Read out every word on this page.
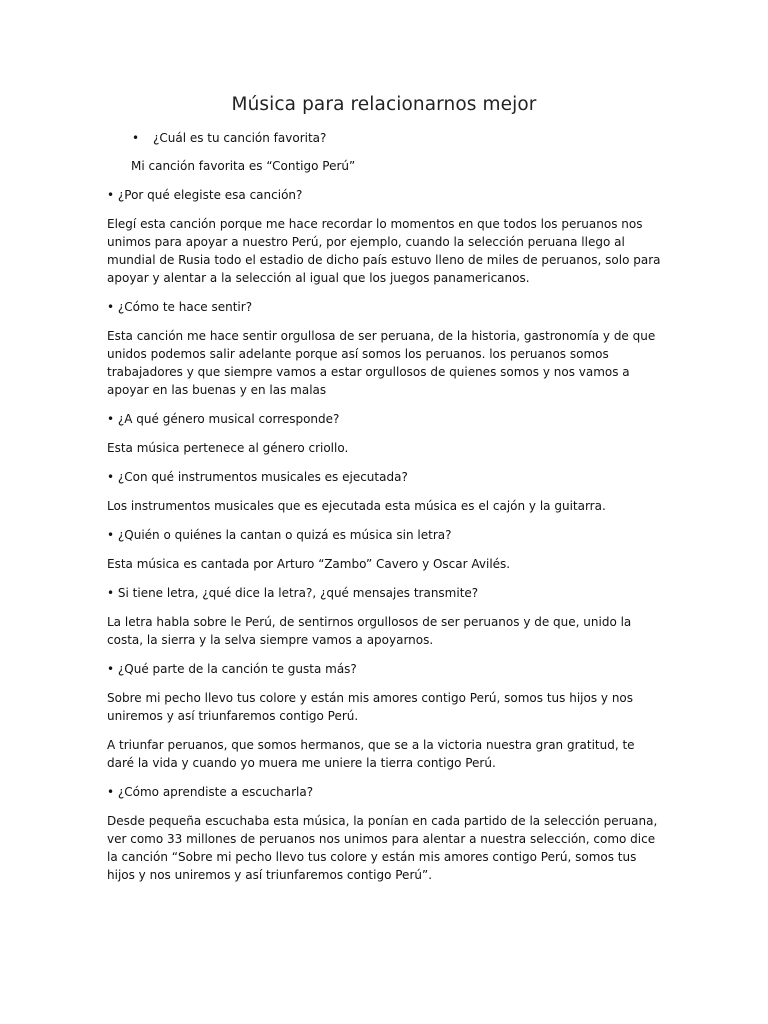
Música para relacionarnos mejor
•	¿Cuál es tu canción favorita?

Mi canción favorita es “Contigo Perú”

• ¿Por qué elegiste esa canción?

Elegí esta canción porque me hace recordar lo momentos en que todos los peruanos nos unimos para apoyar a nuestro Perú, por ejemplo, cuando la selección peruana llego al mundial de Rusia todo el estadio de dicho país estuvo lleno de miles de peruanos, solo para apoyar y alentar a la selección al igual que los juegos panamericanos.

• ¿Cómo te hace sentir?

Esta canción me hace sentir orgullosa de ser peruana, de la historia, gastronomía y de que unidos podemos salir adelante porque así somos los peruanos. los peruanos somos trabajadores y que siempre vamos a estar orgullosos de quienes somos y nos vamos a apoyar en las buenas y en las malas

• ¿A qué género musical corresponde?

Esta música pertenece al género criollo.

• ¿Con qué instrumentos musicales es ejecutada?

Los instrumentos musicales que es ejecutada esta música es el cajón y la guitarra.

• ¿Quién o quiénes la cantan o quizá es música sin letra?

Esta música es cantada por Arturo “Zambo” Cavero y Oscar Avilés.

• Si tiene letra, ¿qué dice la letra?, ¿qué mensajes transmite?

La letra habla sobre le Perú, de sentirnos orgullosos de ser peruanos y de que, unido la costa, la sierra y la selva siempre vamos a apoyarnos.

• ¿Qué parte de la canción te gusta más?

Sobre mi pecho llevo tus colore y están mis amores contigo Perú, somos tus hijos y nos uniremos y así triunfaremos contigo Perú.

A triunfar peruanos, que somos hermanos, que se a la victoria nuestra gran gratitud, te daré la vida y cuando yo muera me uniere la tierra contigo Perú.

• ¿Cómo aprendiste a escucharla?

Desde pequeña escuchaba esta música, la ponían en cada partido de la selección peruana, ver como 33 millones de peruanos nos unimos para alentar a nuestra selección, como dice la canción “Sobre mi pecho llevo tus colore y están mis amores contigo Perú, somos tus hijos y nos uniremos y así triunfaremos contigo Perú”.
